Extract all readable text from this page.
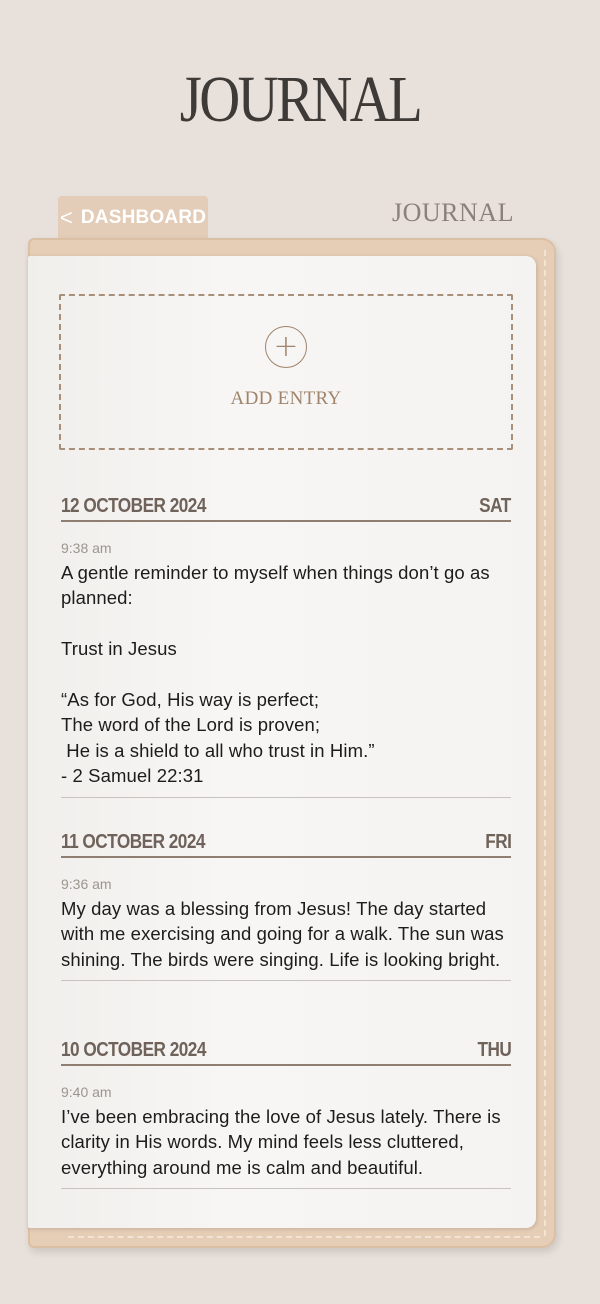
JOURNAL
< DASHBOARD	JOURNAL
+
ADD ENTRY
12 OCTOBER 2024	SAT
9:38 am
A gentle reminder to myself when things don’t go as planned:

Trust in Jesus

“As for God, His way is perfect;
The word of the Lord is proven;
He is a shield to all who trust in Him.”
- 2 Samuel 22:31
11 OCTOBER 2024	FRI
9:36 am
My day was a blessing from Jesus! The day started with me exercising and going for a walk. The sun was shining. The birds were singing. Life is looking bright.
10 OCTOBER 2024	THU
9:40 am
I’ve been embracing the love of Jesus lately. There is clarity in His words. My mind feels less cluttered, everything around me is calm and beautiful.
